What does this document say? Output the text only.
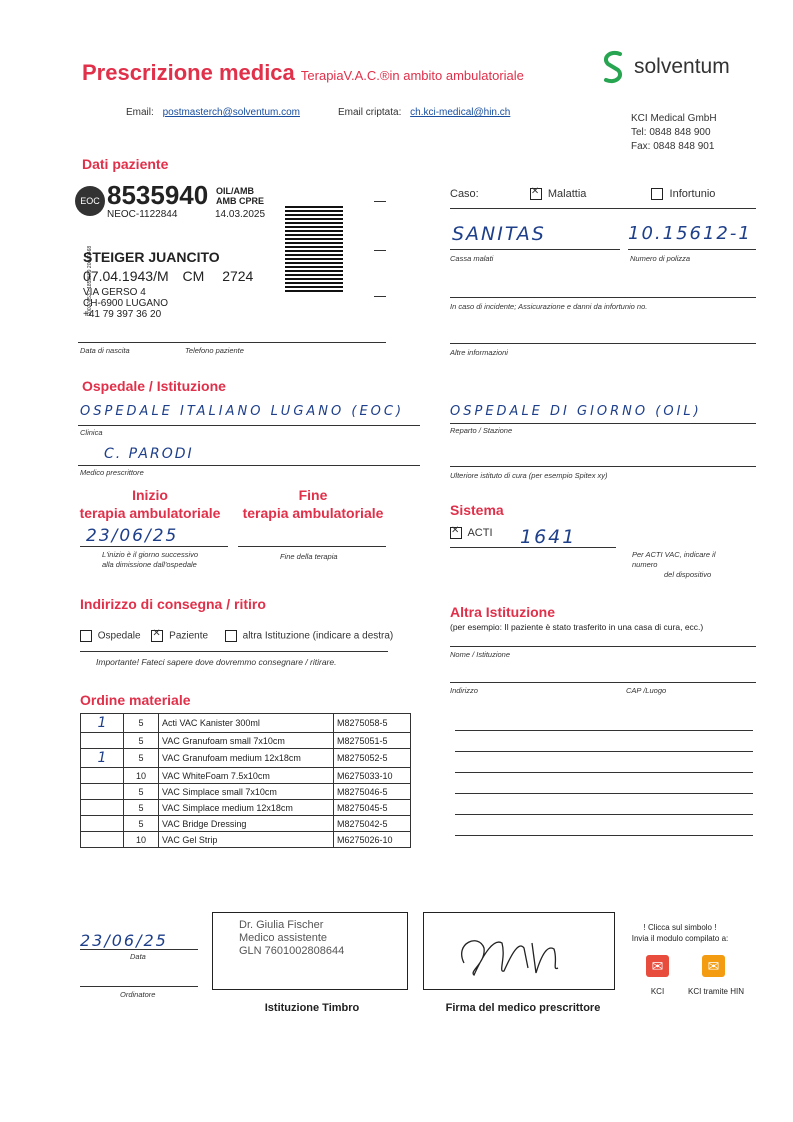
Prescrizione medica TerapiaV.A.C.®in ambito ambulatoriale	solventum
Email: postmasterch@solventum.com	Email criptata: ch.kci-medical@hin.ch
KCI Medical GmbH
Tel: 0848 848 900
Fax: 0848 848 901
Dati paziente
EOC 8535940 OIL/AMB
AMB CPRE
NEOC-1122844	14.03.2025
E0027653 - 1853599 20040468
STEIGER JUANCITO
07.04.1943/M CM 2724
VIA GERSO 4
CH-6900 LUGANO
+41 79 397 36 20
Data di nascita	Telefono paziente
Caso: ✕	Malattia	Infortunio
SANITAS	10.15612-1
Cassa malati	Numero di polizza
In caso di incidente; Assicurazione e danni da infortunio no.
Altre informazioni
Ospedale / Istituzione
OSPEDALE ITALIANO LUGANO (EOC)
Clinica
OSPEDALE DI GIORNO (OIL)
Reparto / Stazione
C. PARODI
Medico prescrittore	Ulteriore istituto di cura (per esempio Spitex xy)
Inizio
terapia ambulatoriale
Fine
terapia ambulatoriale
23/06/25
L'inizio è il giorno successivo
alla dimissione dall'ospedale
Fine della terapia
Sistema
✕ ACTI 1641
Per ACTI VAC, indicare il
numero
del dispositivo
Indirizzo di consegna / ritiro
Ospedale ✕	Paziente	altra Istituzione (indicare a destra)
Importante! Fateci sapere dove dovremmo consegnare / ritirare.
Altra Istituzione
(per esempio: Il paziente è stato trasferito in una casa di cura, ecc.)
Nome / Istituzione
Indirizzo	CAP /Luogo
Ordine materiale
1	5	Acti VAC Kanister 300ml	M8275058-5
	5	VAC Granufoam small 7x10cm	M8275051-5
1	5	VAC Granufoam medium 12x18cm	M8275052-5
	10	VAC WhiteFoam 7.5x10cm	M6275033-10
	5	VAC Simplace small 7x10cm	M8275046-5
	5	VAC Simplace medium 12x18cm	M8275045-5
	5	VAC Bridge Dressing	M8275042-5
	10	VAC Gel Strip	M6275026-10
23/06/25
Data
Ordinatore
Dr. Giulia Fischer
Medico assistente
GLN 7601002808644
Istituzione Timbro	Firma del medico prescrittore
! Clicca sul simbolo !
Invia il modulo compilato a:
✉
KCI
✉
KCI tramite HIN
